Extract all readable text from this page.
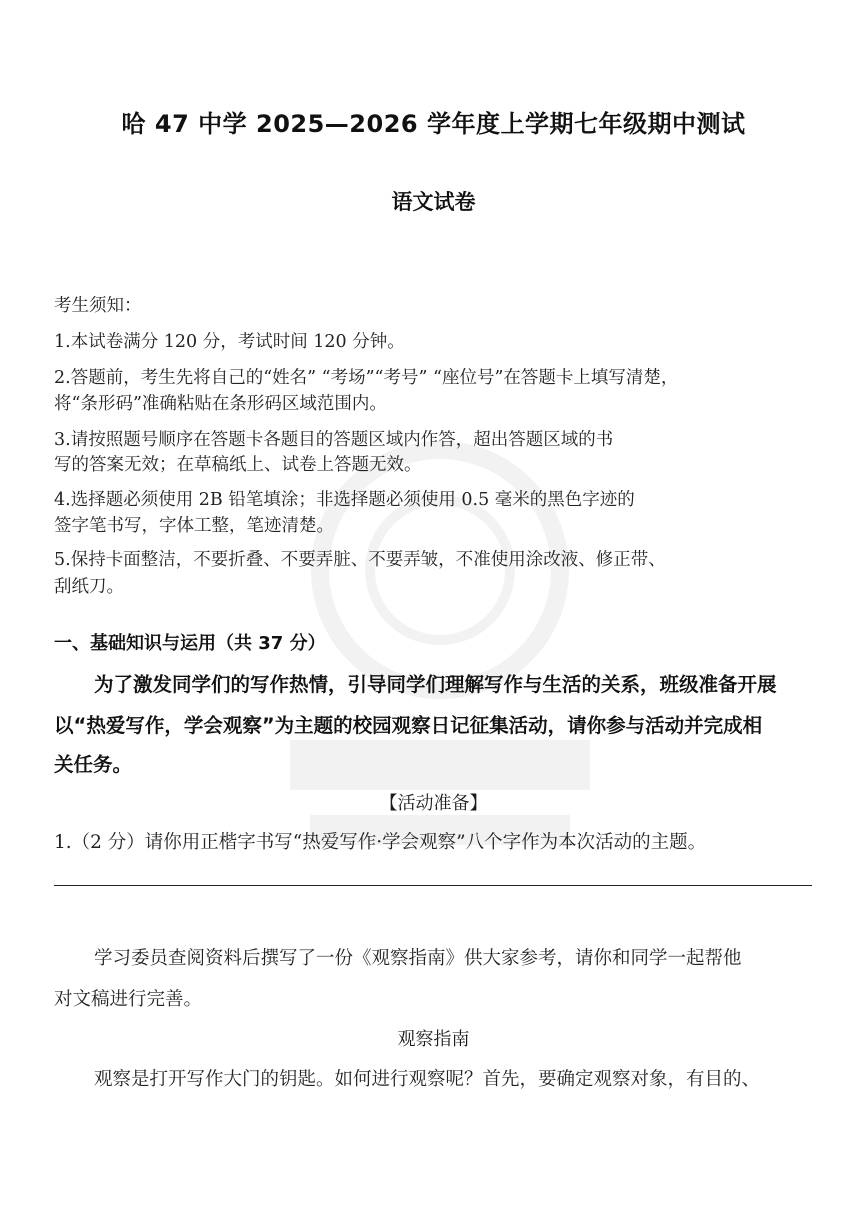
哈 47 中学 2025—2026 学年度上学期七年级期中测试
语文试卷
考生须知：
1.本试卷满分 120 分，考试时间 120 分钟。
2.答题前，考生先将自己的“姓名” “考场”“考号” “座位号”在答题卡上填写清楚，
将“条形码”准确粘贴在条形码区域范围内。
3.请按照题号顺序在答题卡各题目的答题区域内作答，超出答题区域的书
写的答案无效；在草稿纸上、试卷上答题无效。
4.选择题必须使用 2B 铅笔填涂；非选择题必须使用 0.5 毫米的黑色字迹的
签字笔书写，字体工整，笔迹清楚。
5.保持卡面整洁，不要折叠、不要弄脏、不要弄皱，不准使用涂改液、修正带、
刮纸刀。
一、基础知识与运用（共 37 分）
为了激发同学们的写作热情，引导同学们理解写作与生活的关系，班级准备开展
以“热爱写作，学会观察”为主题的校园观察日记征集活动，请你参与活动并完成相
关任务。
【活动准备】
1.（2 分）请你用正楷字书写“热爱写作·学会观察”八个字作为本次活动的主题。
学习委员查阅资料后撰写了一份《观察指南》供大家参考，请你和同学一起帮他
对文稿进行完善。
观察指南
观察是打开写作大门的钥匙。如何进行观察呢？首先，要确定观察对象，有目的、
